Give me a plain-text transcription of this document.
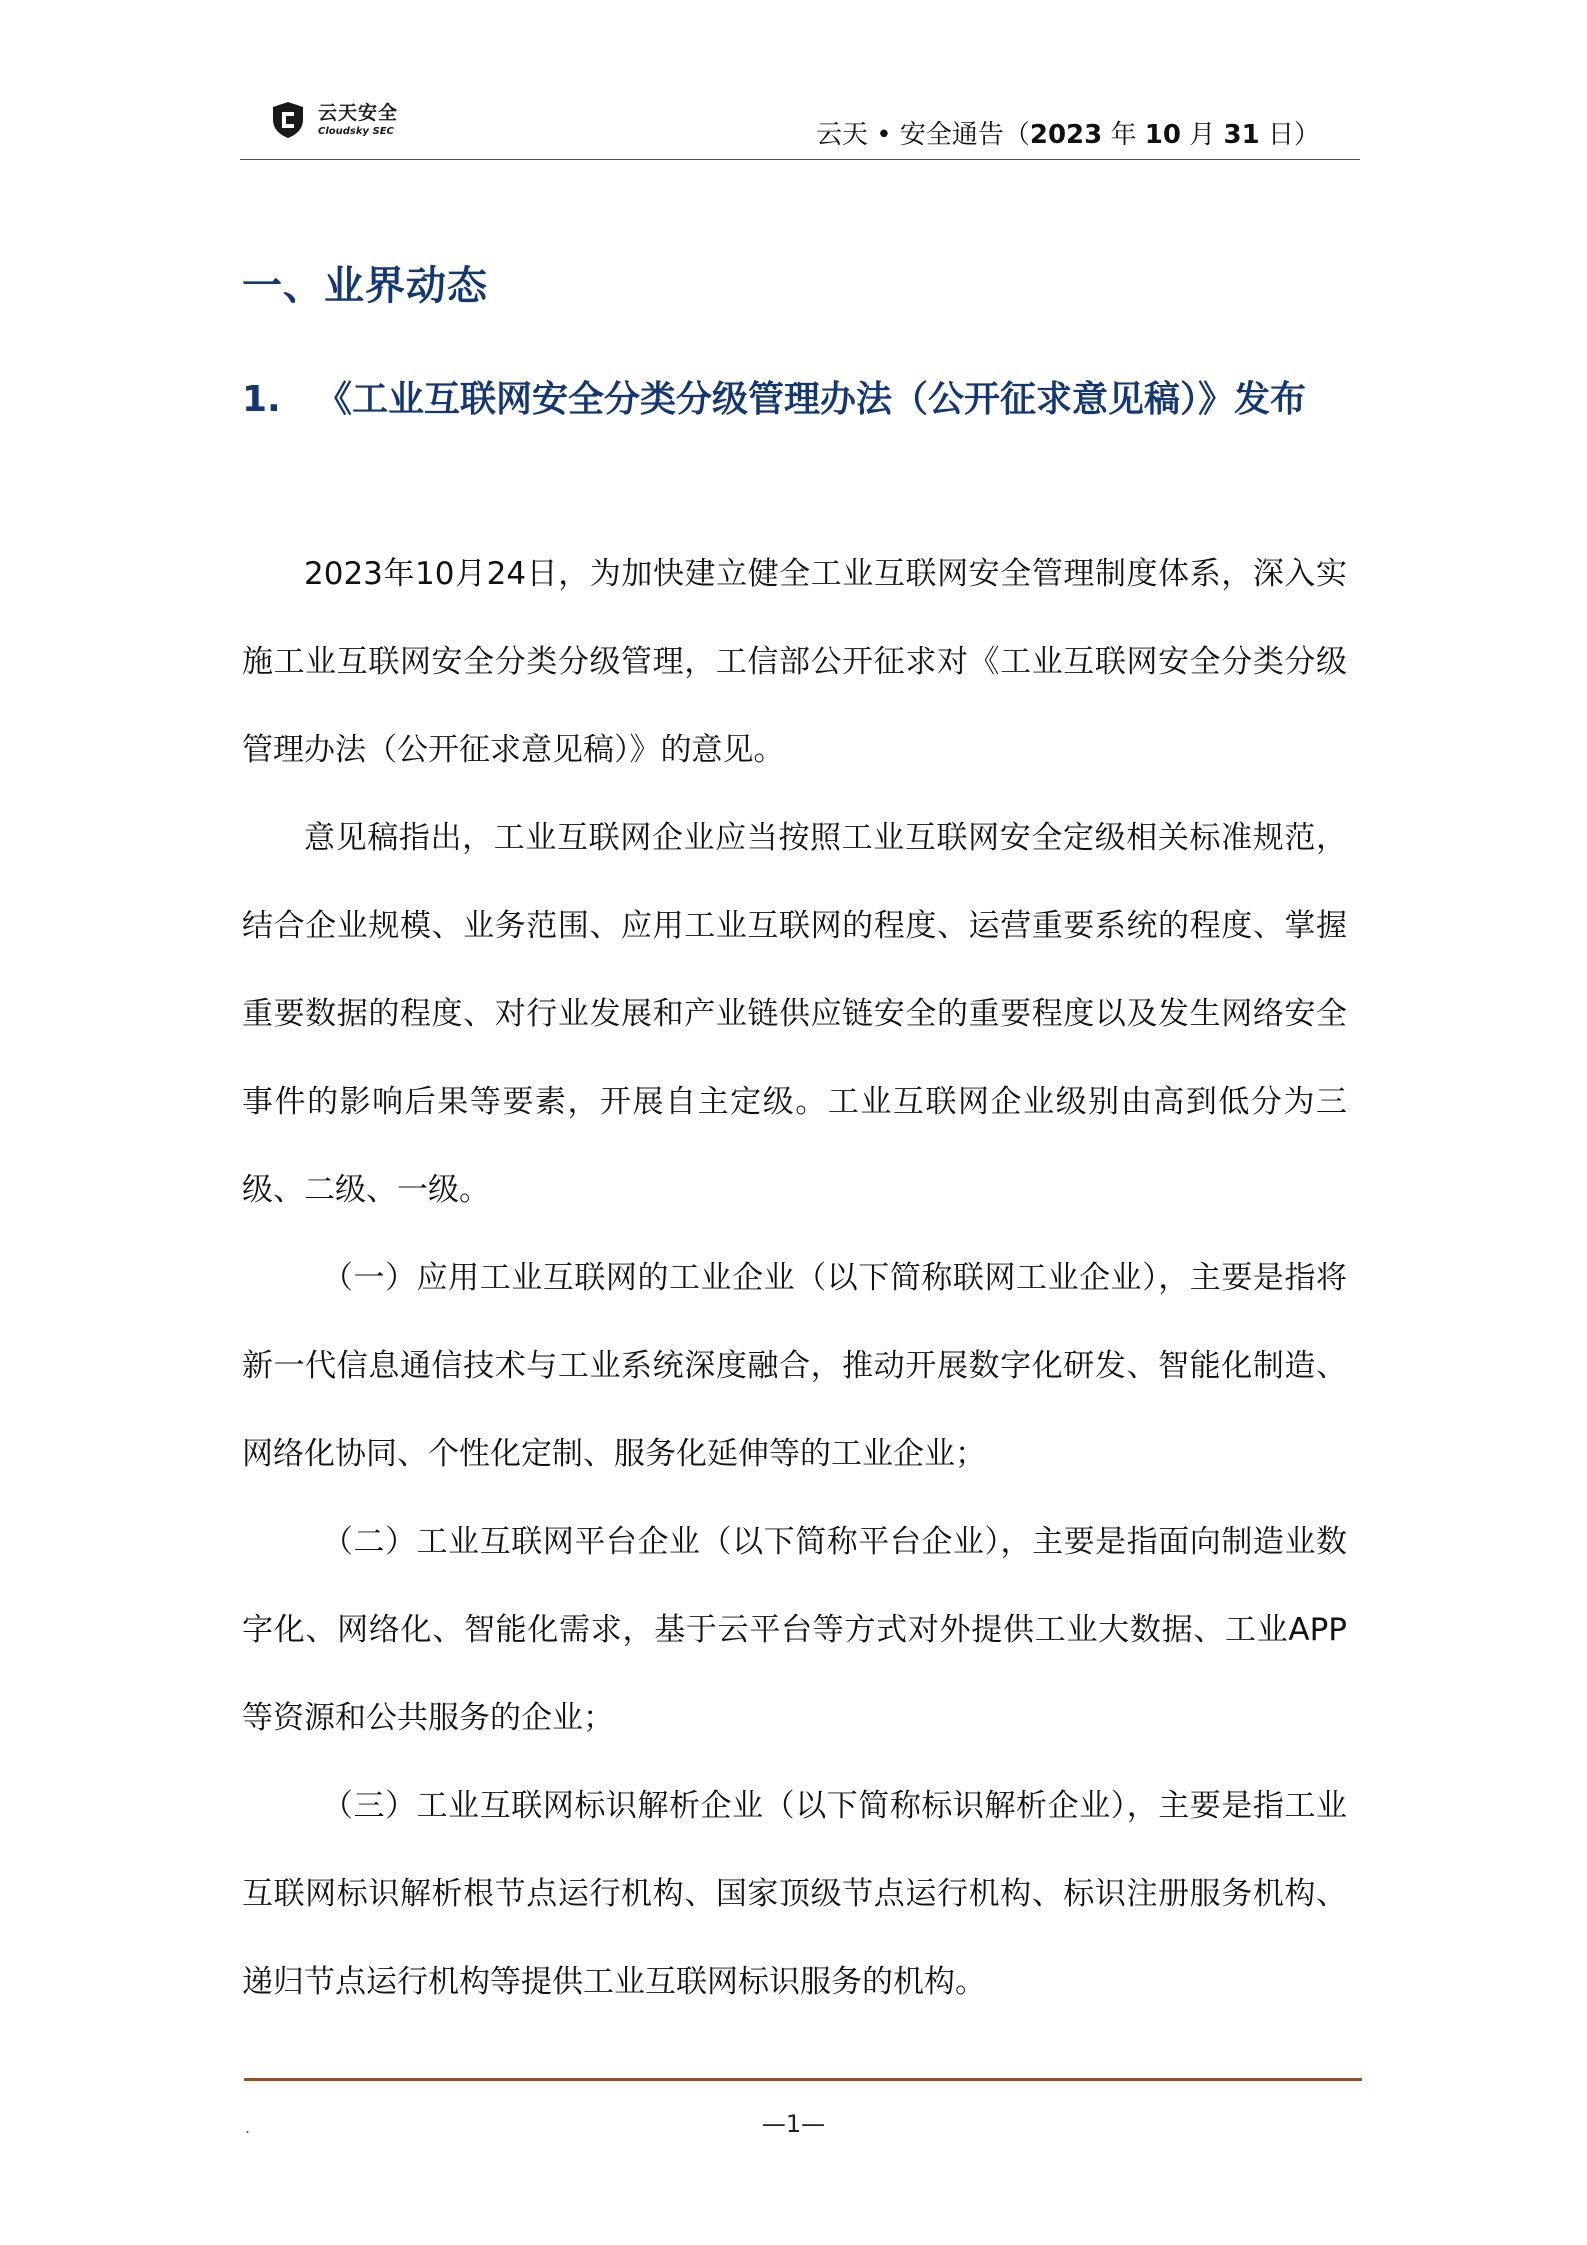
云天安全
Cloudsky SEC	云天 • 安全通告（2023 年 10 月 31 日）
一、业界动态
1. 《工业互联网安全分类分级管理办法（公开征求意见稿）》发布

2023年10月24日，为加快建立健全工业互联网安全管理制度体系，深入实施工业互联网安全分类分级管理，工信部公开征求对《工业互联网安全分类分级管理办法（公开征求意见稿）》的意见。

意见稿指出，工业互联网企业应当按照工业互联网安全定级相关标准规范，结合企业规模、业务范围、应用工业互联网的程度、运营重要系统的程度、掌握重要数据的程度、对行业发展和产业链供应链安全的重要程度以及发生网络安全事件的影响后果等要素，开展自主定级。工业互联网企业级别由高到低分为三级、二级、一级。

（一）应用工业互联网的工业企业（以下简称联网工业企业），主要是指将新一代信息通信技术与工业系统深度融合，推动开展数字化研发、智能化制造、网络化协同、个性化定制、服务化延伸等的工业企业；

（二）工业互联网平台企业（以下简称平台企业），主要是指面向制造业数字化、网络化、智能化需求，基于云平台等方式对外提供工业大数据、工业APP等资源和公共服务的企业；

（三）工业互联网标识解析企业（以下简称标识解析企业），主要是指工业互联网标识解析根节点运行机构、国家顶级节点运行机构、标识注册服务机构、递归节点运行机构等提供工业互联网标识服务的机构。

.	—1—
